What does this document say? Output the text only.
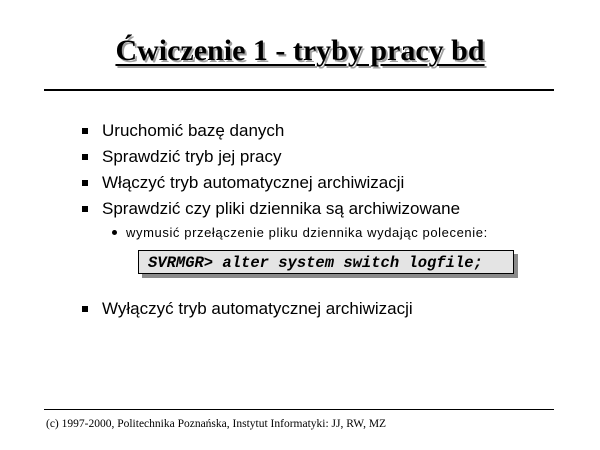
Ćwiczenie 1 - tryby pracy bd
Uruchomić bazę danych
Sprawdzić tryb jej pracy
Włączyć tryb automatycznej archiwizacji
Sprawdzić czy pliki dziennika są archiwizowane
wymusić przełączenie pliku dziennika wydając polecenie:
SVRMGR> alter system switch logfile;
Wyłączyć tryb automatycznej archiwizacji
(c) 1997-2000, Politechnika Poznańska, Instytut Informatyki: JJ, RW, MZ
